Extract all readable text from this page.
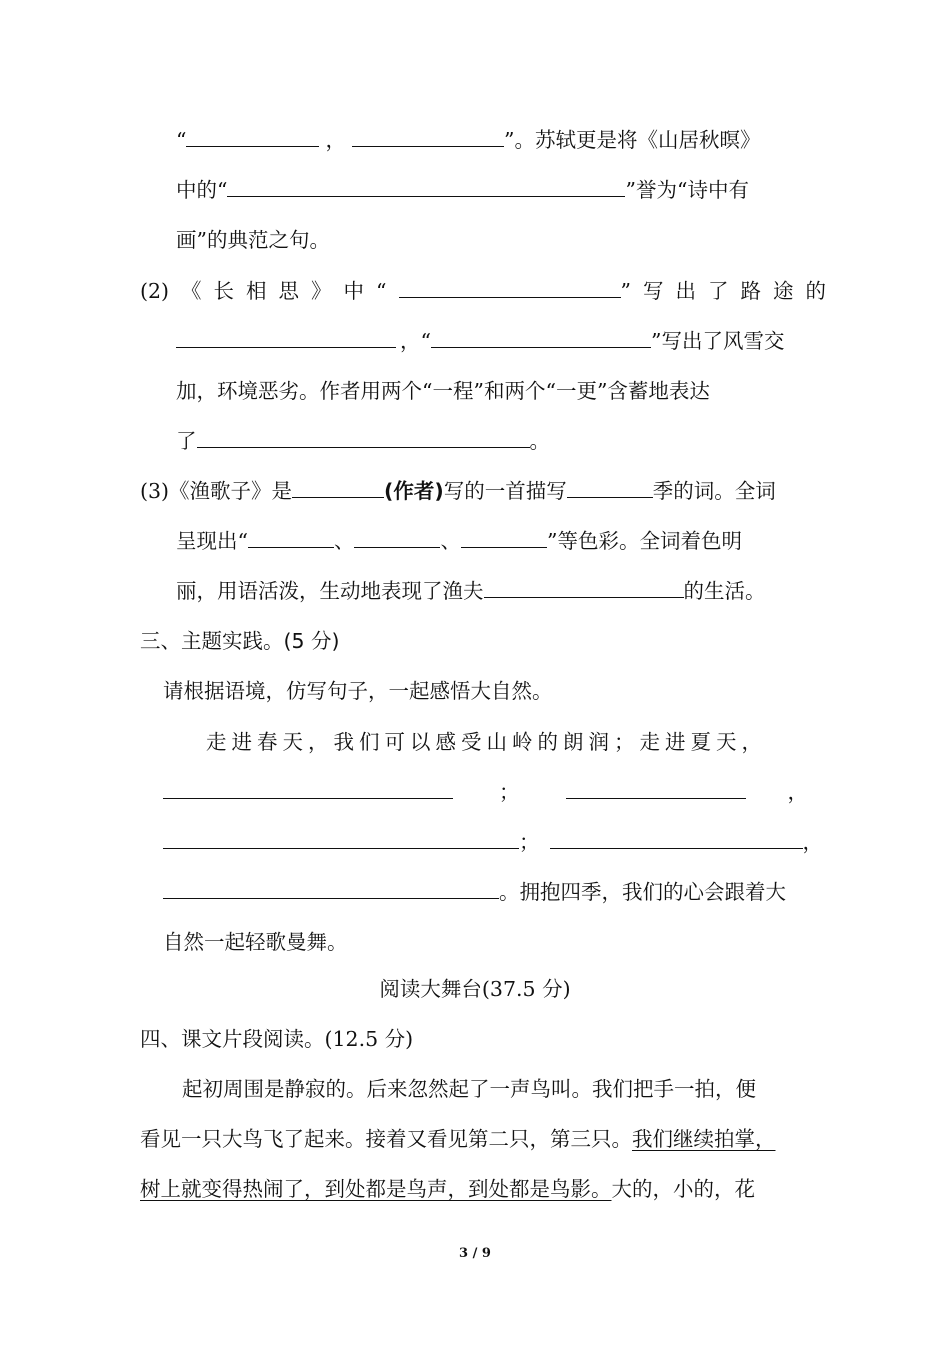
“	，	”。苏轼更是将《山居秋暝》
中的“	”誉为“诗中有
画”的典范之句。
(2) 《长相思》中“	”写出了路途的
，“	”写出了风雪交
加，环境恶劣。作者用两个“一程”和两个“一更”含蓄地表达
了	。
(3)《渔歌子》是	(作者)写的一首描写	季的词。全词
呈现出“	、	、	”等色彩。全词着色明
丽，用语活泼，生动地表现了渔夫	的生活。
三、主题实践。(5 分)
请根据语境，仿写句子，一起感悟大自然。
走进春天，我们可以感受山岭的朗润；走进夏天，
；	，
；	，
。拥抱四季，我们的心会跟着大
自然一起轻歌曼舞。
阅读大舞台(37.5 分)
四、课文片段阅读。(12.5 分)
起初周围是静寂的。后来忽然起了一声鸟叫。我们把手一拍，便
看见一只大鸟飞了起来。接着又看见第二只，第三只。我们继续拍掌，
树上就变得热闹了，到处都是鸟声，到处都是鸟影。大的，小的，花
3 / 9
